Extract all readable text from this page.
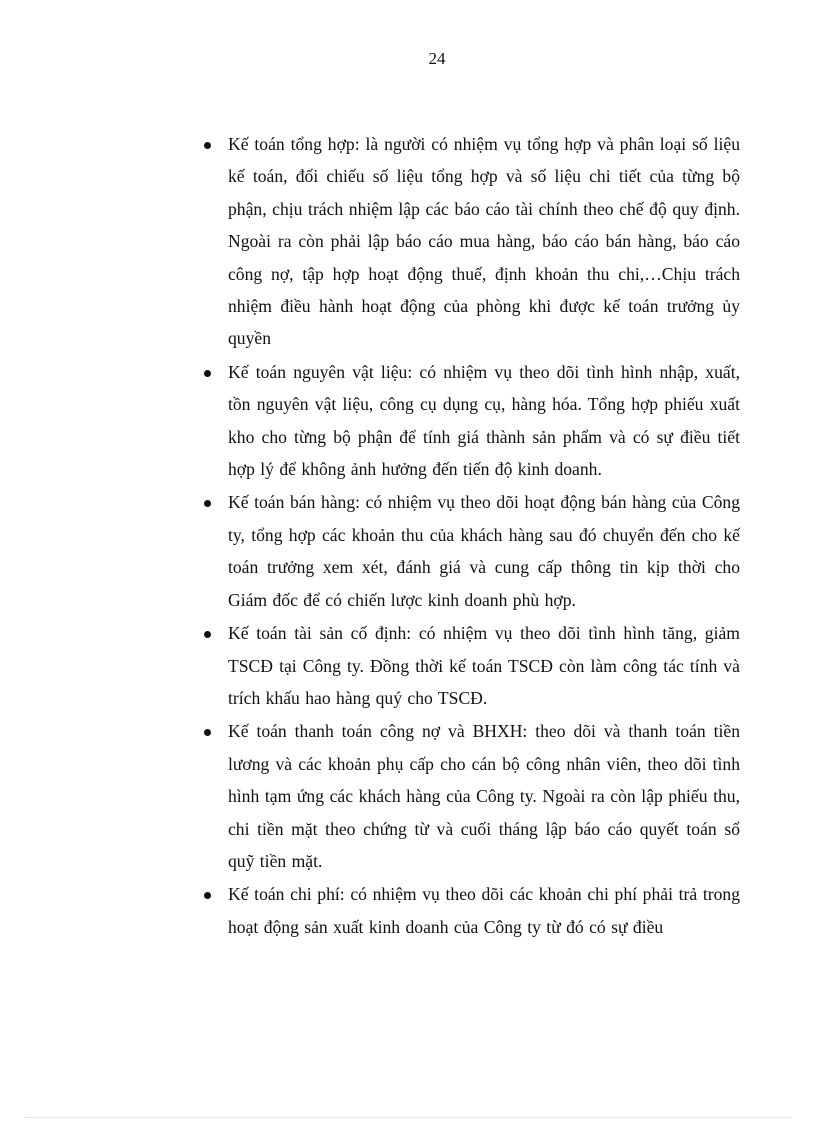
24
Kế toán tổng hợp: là người có nhiệm vụ tổng hợp và phân loại số liệu kế toán, đối chiếu số liệu tổng hợp và số liệu chi tiết của từng bộ phận, chịu trách nhiệm lập các báo cáo tài chính theo chế độ quy định. Ngoài ra còn phải lập báo cáo mua hàng, báo cáo bán hàng, báo cáo công nợ, tập hợp hoạt động thuế, định khoản thu chi,…Chịu trách nhiệm điều hành hoạt động của phòng khi được kế toán trưởng ủy quyền
Kế toán nguyên vật liệu: có nhiệm vụ theo dõi tình hình nhập, xuất, tồn nguyên vật liệu, công cụ dụng cụ, hàng hóa. Tổng hợp phiếu xuất kho cho từng bộ phận để tính giá thành sản phẩm và có sự điều tiết hợp lý để không ảnh hưởng đến tiến độ kinh doanh.
Kế toán bán hàng: có nhiệm vụ theo dõi hoạt động bán hàng của Công ty, tổng hợp các khoản thu của khách hàng sau đó chuyển đến cho kế toán trưởng xem xét, đánh giá và cung cấp thông tin kịp thời cho Giám đốc để có chiến lược kinh doanh phù hợp.
Kế toán tài sản cố định: có nhiệm vụ theo dõi tình hình tăng, giảm TSCĐ tại Công ty. Đồng thời kế toán TSCĐ còn làm công tác tính và trích khấu hao hàng quý cho TSCĐ.
Kế toán thanh toán công nợ và BHXH: theo dõi và thanh toán tiền lương và các khoản phụ cấp cho cán bộ công nhân viên, theo dõi tình hình tạm ứng các khách hàng của Công ty. Ngoài ra còn lập phiếu thu, chi tiền mặt theo chứng từ và cuối tháng lập báo cáo quyết toán sổ quỹ tiền mặt.
Kế toán chi phí: có nhiệm vụ theo dõi các khoản chi phí phải trả trong hoạt động sản xuất kinh doanh của Công ty từ đó có sự điều
